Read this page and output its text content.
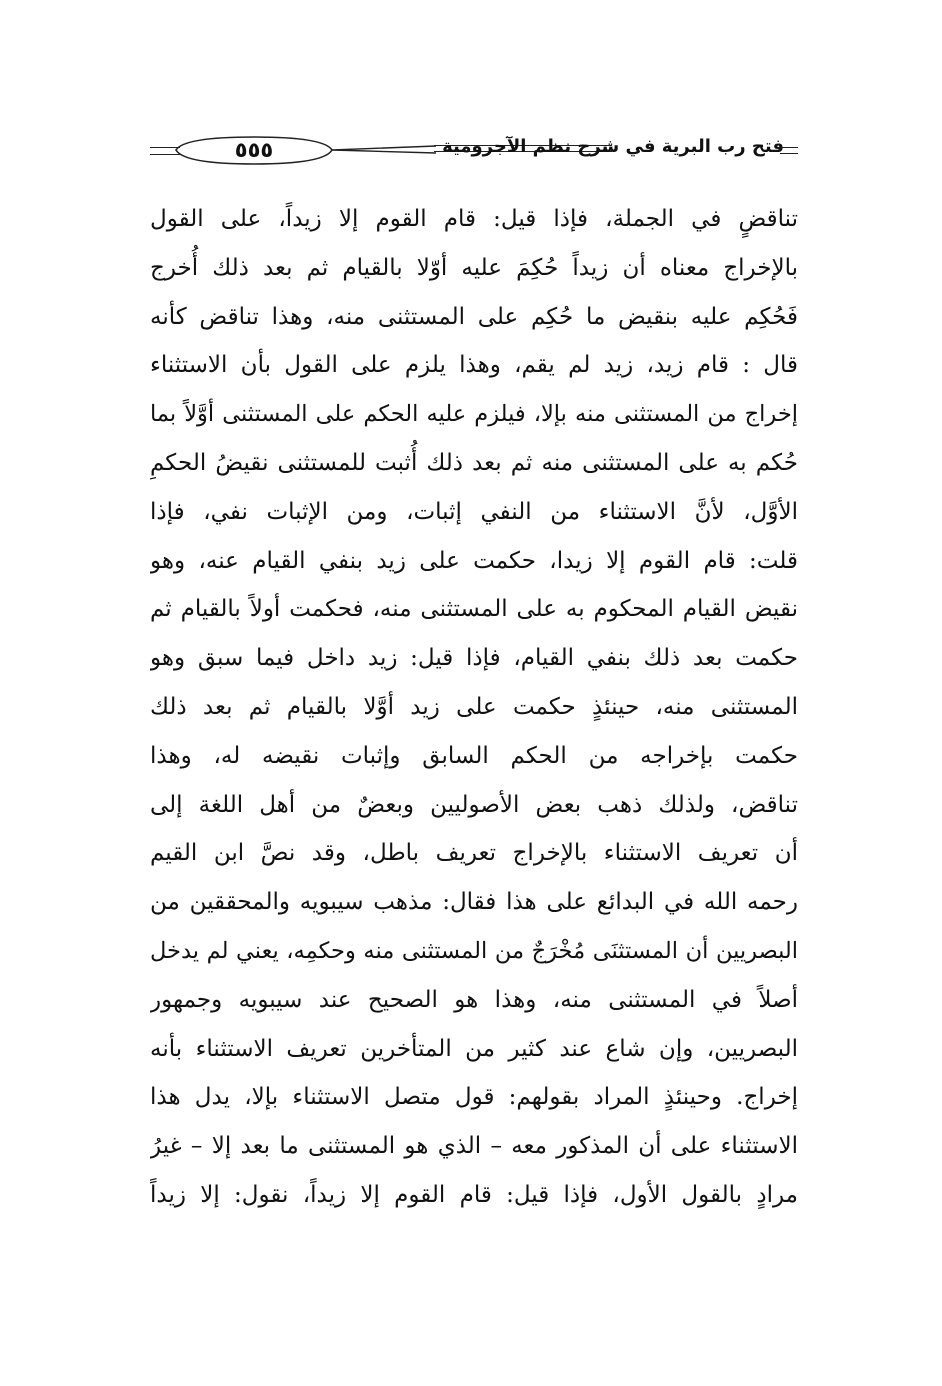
٥٥٥	فتح رب البرية في شرح نظم الآجرومية
تناقضٍ في الجملة، فإذا قيل: قام القوم إلا زيداً، على القول
بالإخراج معناه أن زيداً حُكِمَ عليه أوّلا بالقيام ثم بعد ذلك أُخرج
فَحُكِم عليه بنقيض ما حُكِم على المستثنى منه، وهذا تناقض كأنه
قال : قام زيد، زيد لم يقم، وهذا يلزم على القول بأن الاستثناء
إخراج من المستثنى منه بإلا، فيلزم عليه الحكم على المستثنى أوَّلاً بما
حُكم به على المستثنى منه ثم بعد ذلك أُثبت للمستثنى نقيضُ الحكمِ
الأوَّل، لأنَّ الاستثناء من النفي إثبات، ومن الإثبات نفي، فإذا
قلت: قام القوم إلا زيدا، حكمت على زيد بنفي القيام عنه، وهو
نقيض القيام المحكوم به على المستثنى منه، فحكمت أولاً بالقيام ثم
حكمت بعد ذلك بنفي القيام، فإذا قيل: زيد داخل فيما سبق وهو
المستثنى منه، حينئذٍ حكمت على زيد أوَّلا بالقيام ثم بعد ذلك
حكمت بإخراجه من الحكم السابق وإثبات نقيضه له، وهذا
تناقض، ولذلك ذهب بعض الأصوليين وبعضٌ من أهل اللغة إلى
أن تعريف الاستثناء بالإخراج تعريف باطل، وقد نصَّ ابن القيم
رحمه الله في البدائع على هذا فقال: مذهب سيبويه والمحققين من
البصريين أن المستثنَى مُخْرَجٌ من المستثنى منه وحكمِه، يعني لم يدخل
أصلاً في المستثنى منه، وهذا هو الصحيح عند سيبويه وجمهور
البصريين، وإن شاع عند كثير من المتأخرين تعريف الاستثناء بأنه
إخراج. وحينئذٍ المراد بقولهم: قول متصل الاستثناء بإلا، يدل هذا
الاستثناء على أن المذكور معه – الذي هو المستثنى ما بعد إلا – غيرُ
مرادٍ بالقول الأول، فإذا قيل: قام القوم إلا زيداً، نقول: إلا زيداً
